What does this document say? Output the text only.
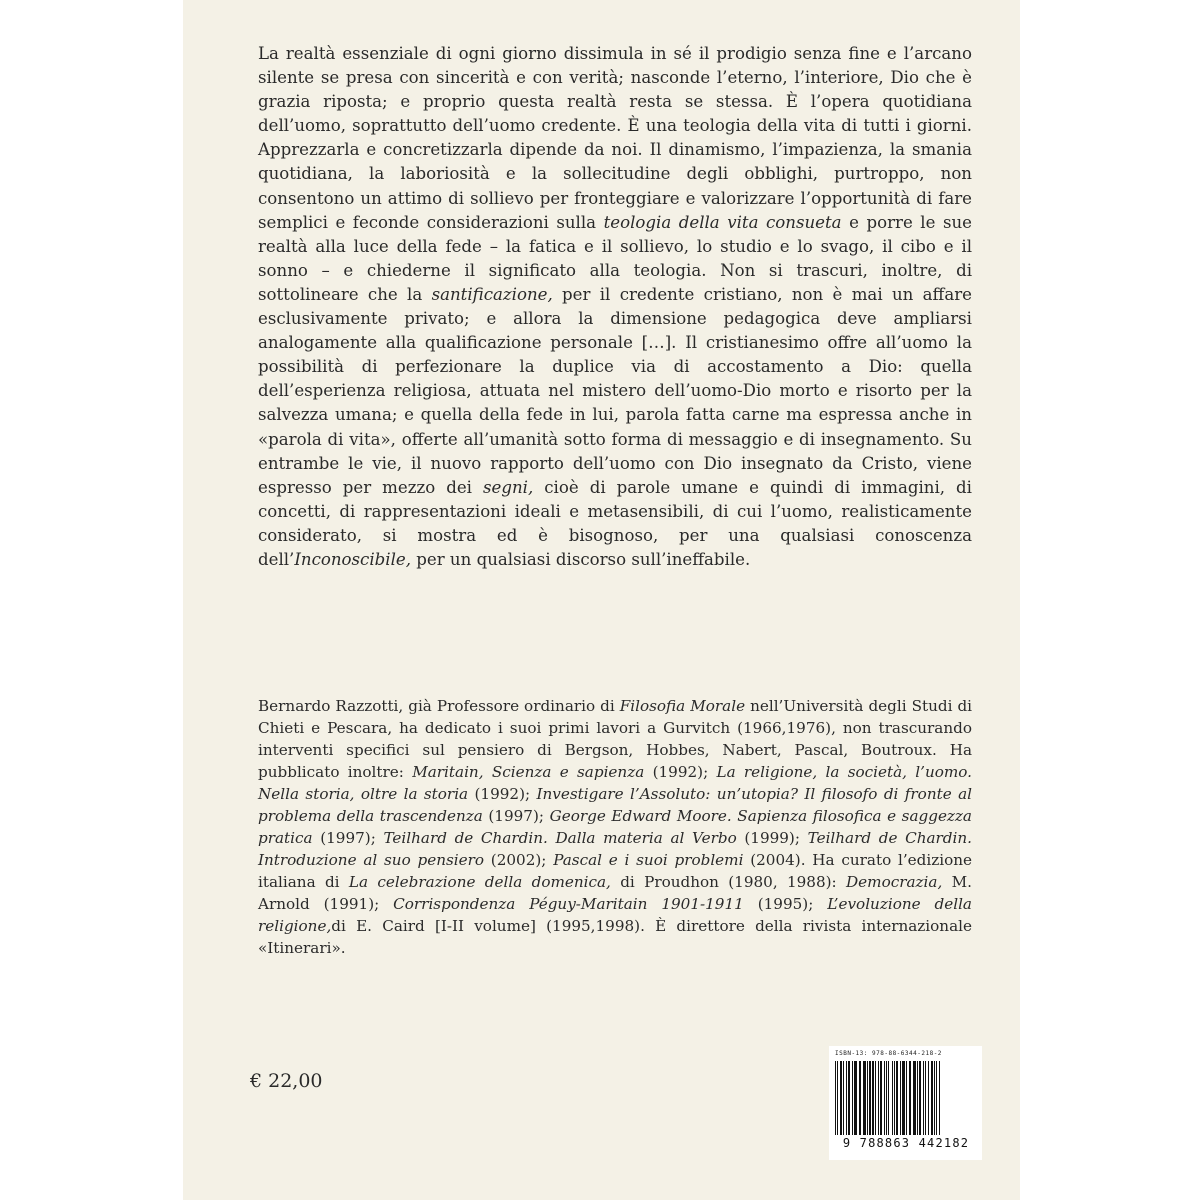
La realtà essenziale di ogni giorno dissimula in sé il prodigio senza fine e l’arcano silente se presa con sincerità e con verità; nasconde l’eterno, l’interiore, Dio che è grazia riposta; e proprio questa realtà resta se stessa. È l’opera quotidiana dell’uomo, soprattutto dell’uomo credente. È una teologia della vita di tutti i giorni. Apprezzarla e concretizzarla dipende da noi. Il dinamismo, l’impazienza, la smania quotidiana, la laboriosità e la sollecitudine degli obblighi, purtroppo, non consentono un attimo di sollievo per fronteggiare e valorizzare l’opportunità di fare semplici e feconde considerazioni sulla teologia della vita consueta e porre le sue realtà alla luce della fede – la fatica e il sollievo, lo studio e lo svago, il cibo e il sonno – e chiederne il significato alla teologia. Non si trascuri, inoltre, di sottolineare che la santificazione, per il credente cristiano, non è mai un affare esclusivamente privato; e allora la dimensione pedagogica deve ampliarsi analogamente alla qualificazione personale […]. Il cristianesimo offre all’uomo la possibilità di perfezionare la duplice via di accostamento a Dio: quella dell’esperienza religiosa, attuata nel mistero dell’uomo-Dio morto e risorto per la salvezza umana; e quella della fede in lui, parola fatta carne ma espressa anche in «parola di vita», offerte all’umanità sotto forma di messaggio e di insegnamento. Su entrambe le vie, il nuovo rapporto dell’uomo con Dio insegnato da Cristo, viene espresso per mezzo dei segni, cioè di parole umane e quindi di immagini, di concetti, di rappresentazioni ideali e metasensibili, di cui l’uomo, realisticamente considerato, si mostra ed è bisognoso, per una qualsiasi conoscenza dell’Inconoscibile, per un qualsiasi discorso sull’ineffabile.

Bernardo Razzotti, già Professore ordinario di Filosofia Morale nell’Università degli Studi di Chieti e Pescara, ha dedicato i suoi primi lavori a Gurvitch (1966,1976), non trascurando interventi specifici sul pensiero di Bergson, Hobbes, Nabert, Pascal, Boutroux. Ha pubblicato inoltre: Maritain, Scienza e sapienza (1992); La religione, la società, l’uomo. Nella storia, oltre la storia (1992); Investigare l’Assoluto: un’utopia? Il filosofo di fronte al problema della trascendenza (1997); George Edward Moore. Sapienza filosofica e saggezza pratica (1997); Teilhard de Chardin. Dalla materia al Verbo (1999); Teilhard de Chardin. Introduzione al suo pensiero (2002); Pascal e i suoi problemi (2004). Ha curato l’edizione italiana di La celebrazione della domenica, di Proudhon (1980, 1988): Democrazia, M. Arnold (1991); Corrispondenza Péguy-Maritain 1901-1911 (1995); L’evoluzione della religione,di E. Caird [I-II volume] (1995,1998). È direttore della rivista internazionale «Itinerari».

€ 22,00
ISBN-13: 978-88-6344-218-2
9 788863 442182
